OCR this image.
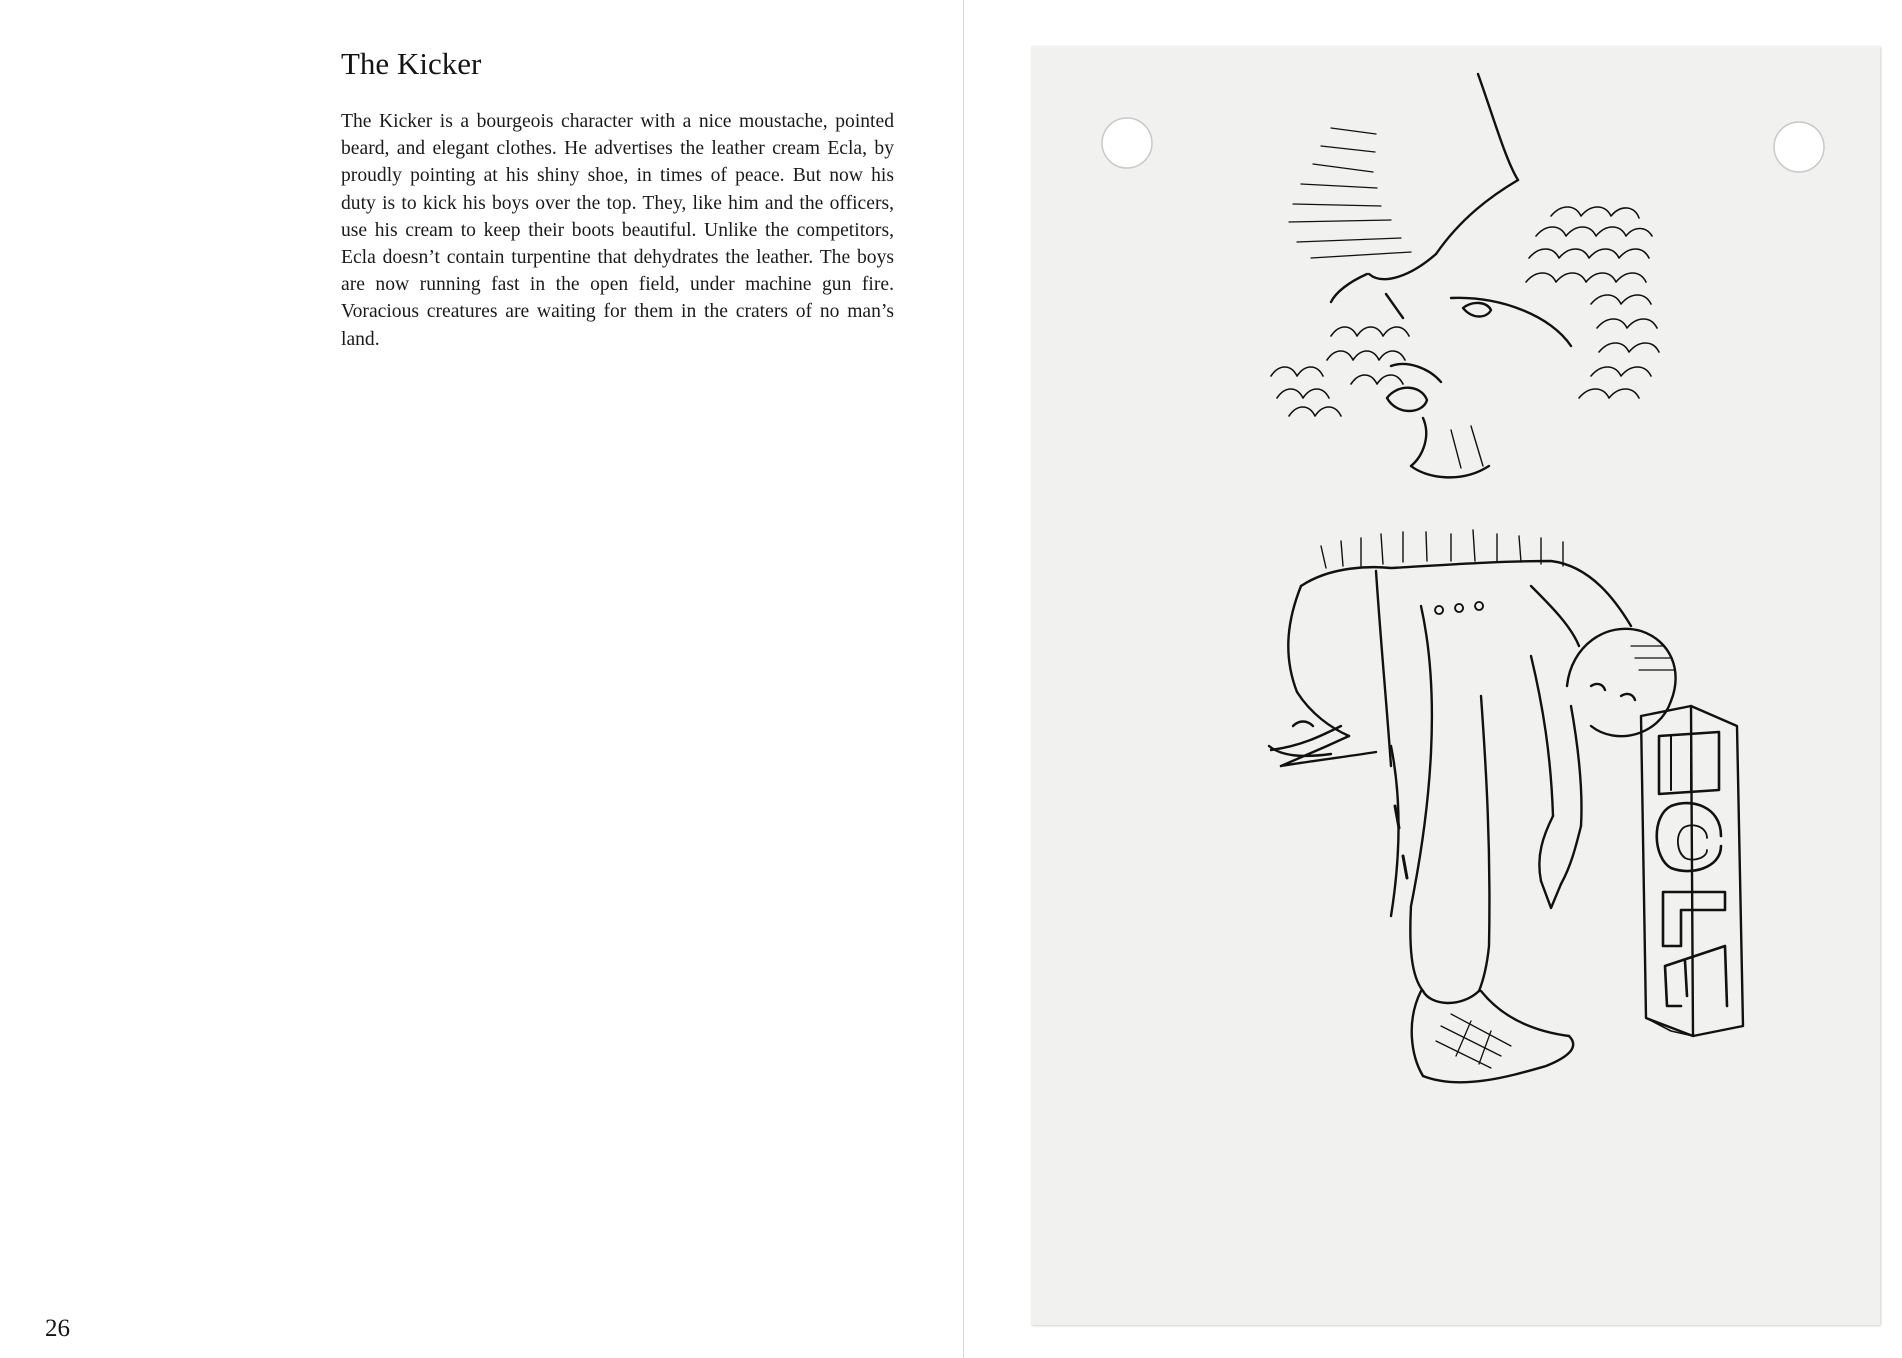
The Kicker

The Kicker is a bourgeois character with a nice moustache, pointed beard, and elegant clothes. He advertises the leather cream Ecla, by proudly pointing at his shiny shoe, in times of peace. But now his duty is to kick his boys over the top. They, like him and the officers, use his cream to keep their boots beautiful. Unlike the competitors, Ecla doesn’t contain turpentine that dehydrates the leather. The boys are now running fast in the open field, under machine gun fire. Voracious creatures are waiting for them in the craters of no man’s land.

26
